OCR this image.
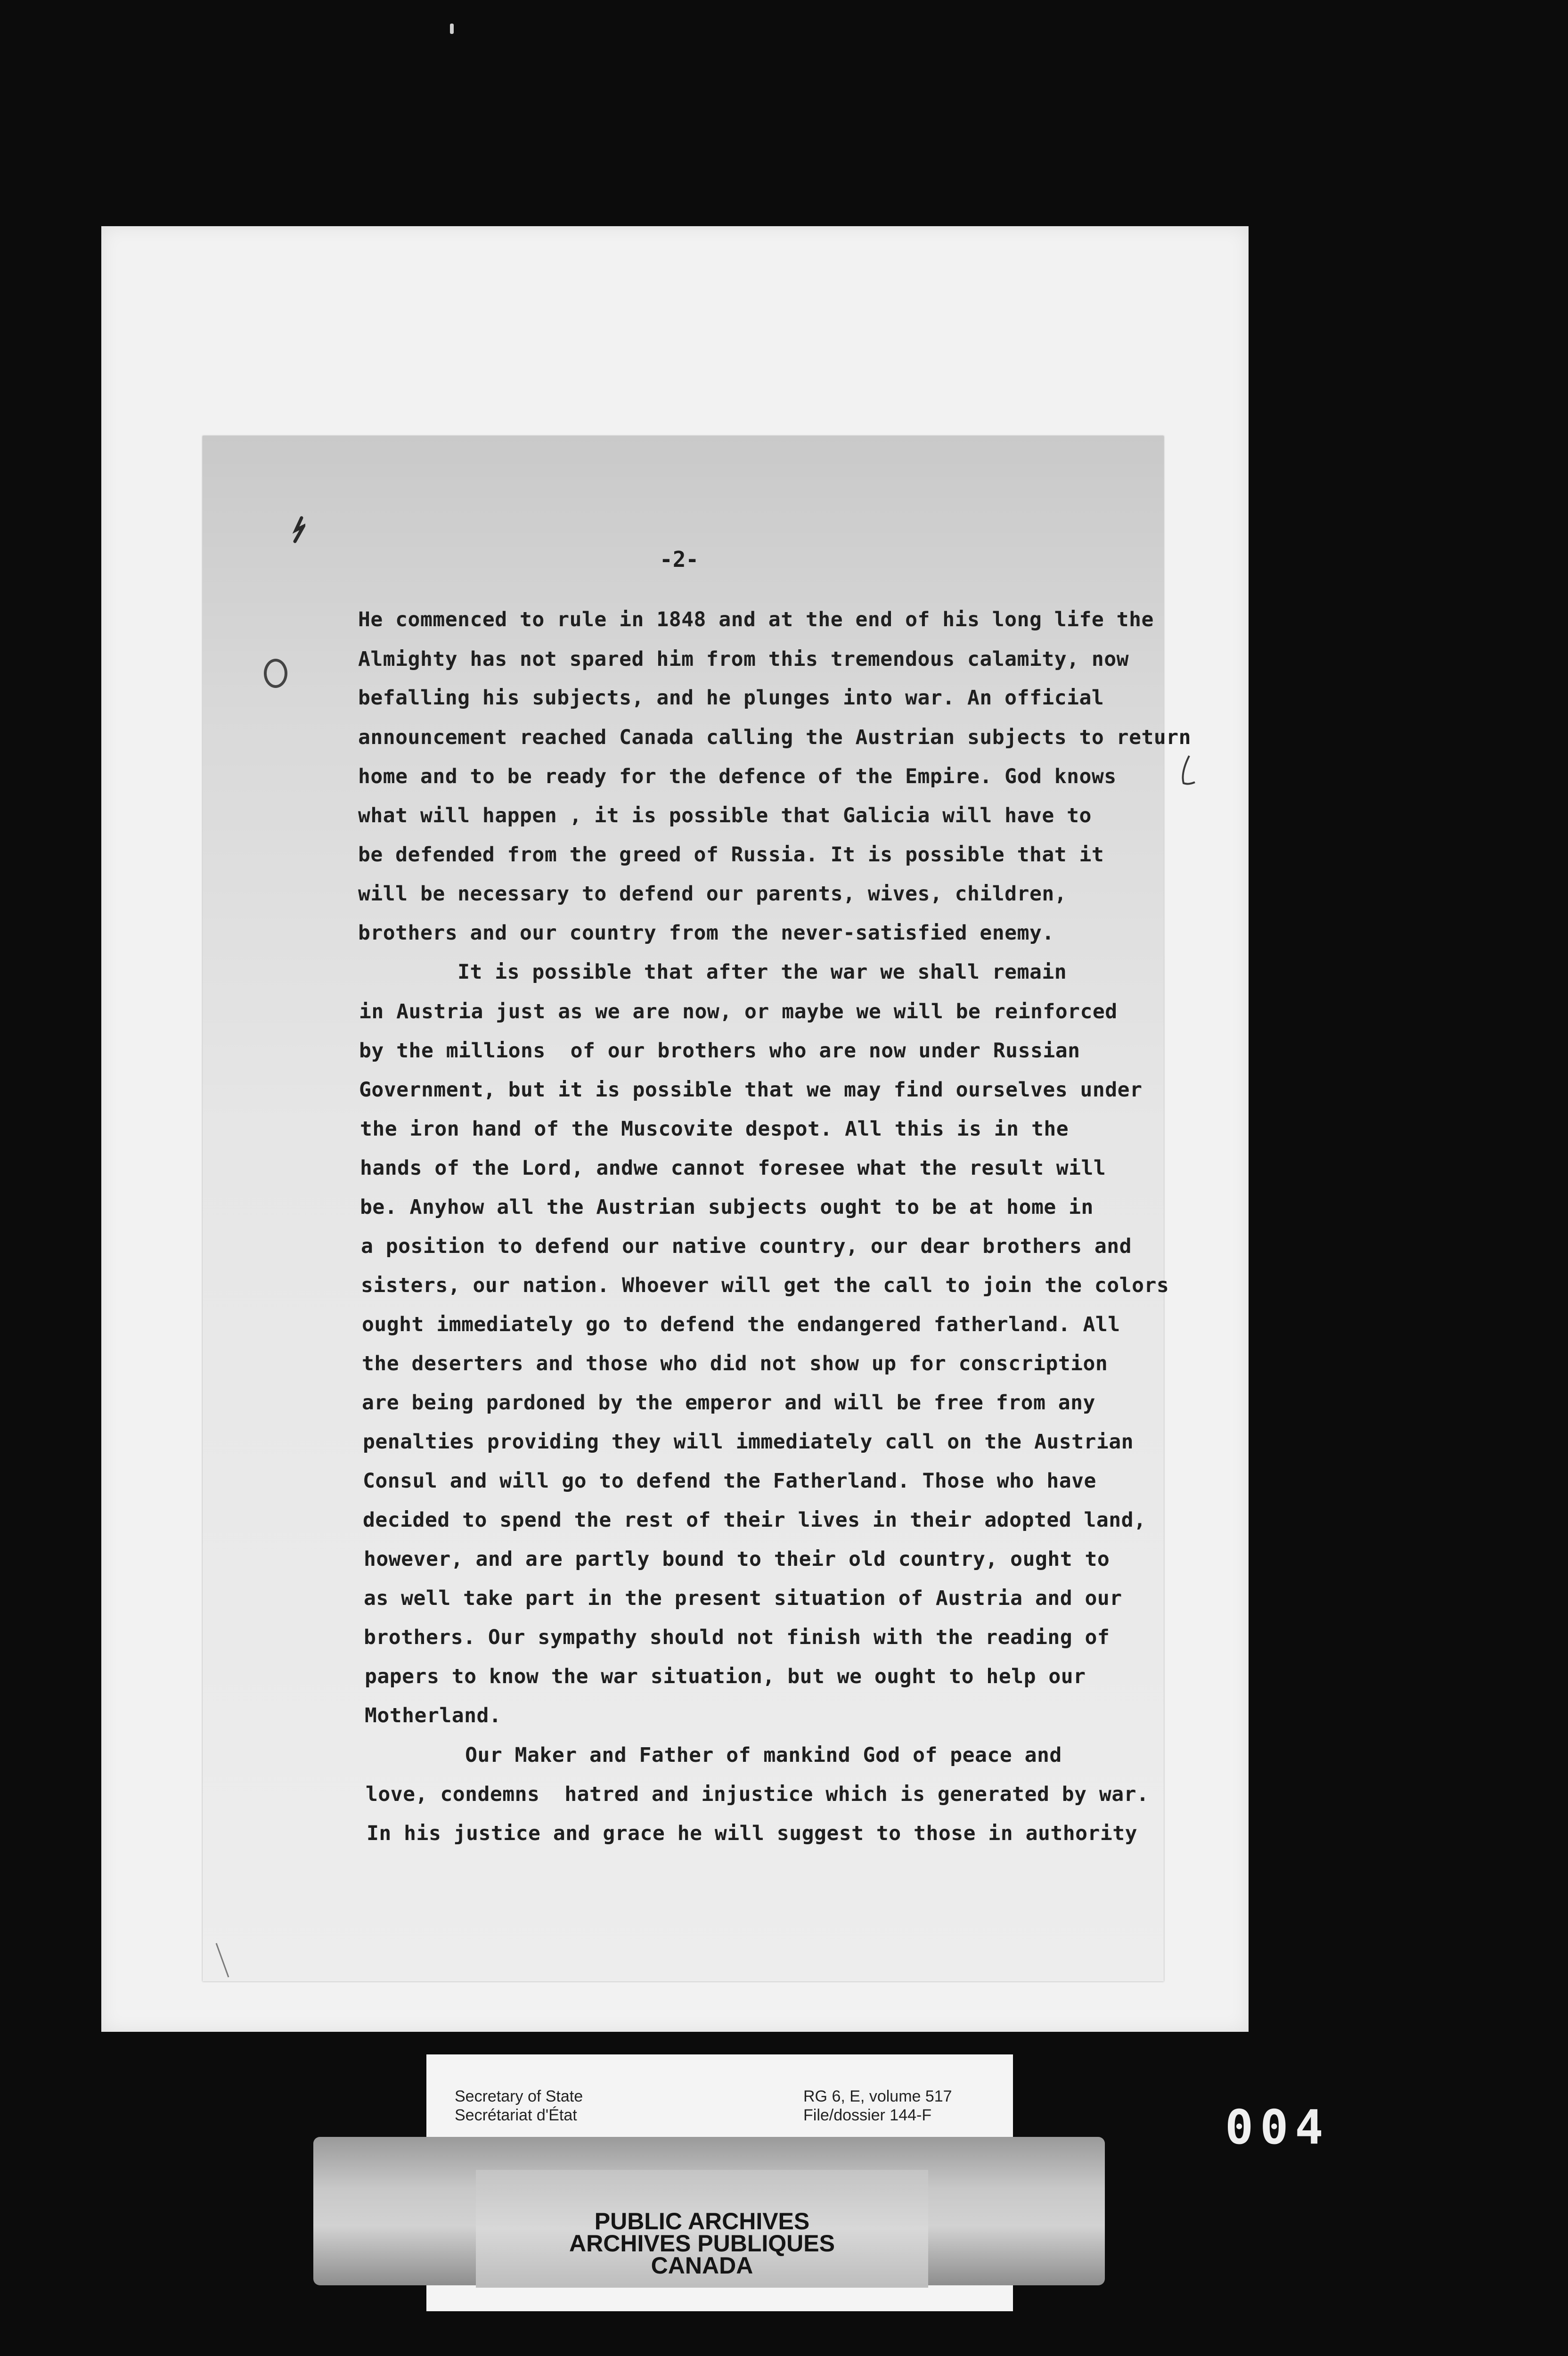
-2-
He commenced to rule in 1848 and at the end of his long life the
Almighty has not spared him from this tremendous calamity, now
befalling his subjects, and he plunges into war. An official
announcement reached Canada calling the Austrian subjects to return
home and to be ready for the defence of the Empire. God knows
what will happen , it is possible that Galicia will have to
be defended from the greed of Russia. It is possible that it
will be necessary to defend our parents, wives, children,
brothers and our country from the never-satisfied enemy.
It is possible that after the war we shall remain
in Austria just as we are now, or maybe we will be reinforced
by the millions  of our brothers who are now under Russian
Government, but it is possible that we may find ourselves under
the iron hand of the Muscovite despot. All this is in the
hands of the Lord, andwe cannot foresee what the result will
be. Anyhow all the Austrian subjects ought to be at home in
a position to defend our native country, our dear brothers and
sisters, our nation. Whoever will get the call to join the colors
ought immediately go to defend the endangered fatherland. All
the deserters and those who did not show up for conscription
are being pardoned by the emperor and will be free from any
penalties providing they will immediately call on the Austrian
Consul and will go to defend the Fatherland. Those who have
decided to spend the rest of their lives in their adopted land,
however, and are partly bound to their old country, ought to
as well take part in the present situation of Austria and our
brothers. Our sympathy should not finish with the reading of
papers to know the war situation, but we ought to help our
Motherland.
Our Maker and Father of mankind God of peace and
love, condemns  hatred and injustice which is generated by war.
In his justice and grace he will suggest to those in authority
Secretary of State
Secrétariat d'État
RG 6, E, volume 517
File/dossier 144-F
PUBLIC ARCHIVES
ARCHIVES PUBLIQUES
CANADA
004
